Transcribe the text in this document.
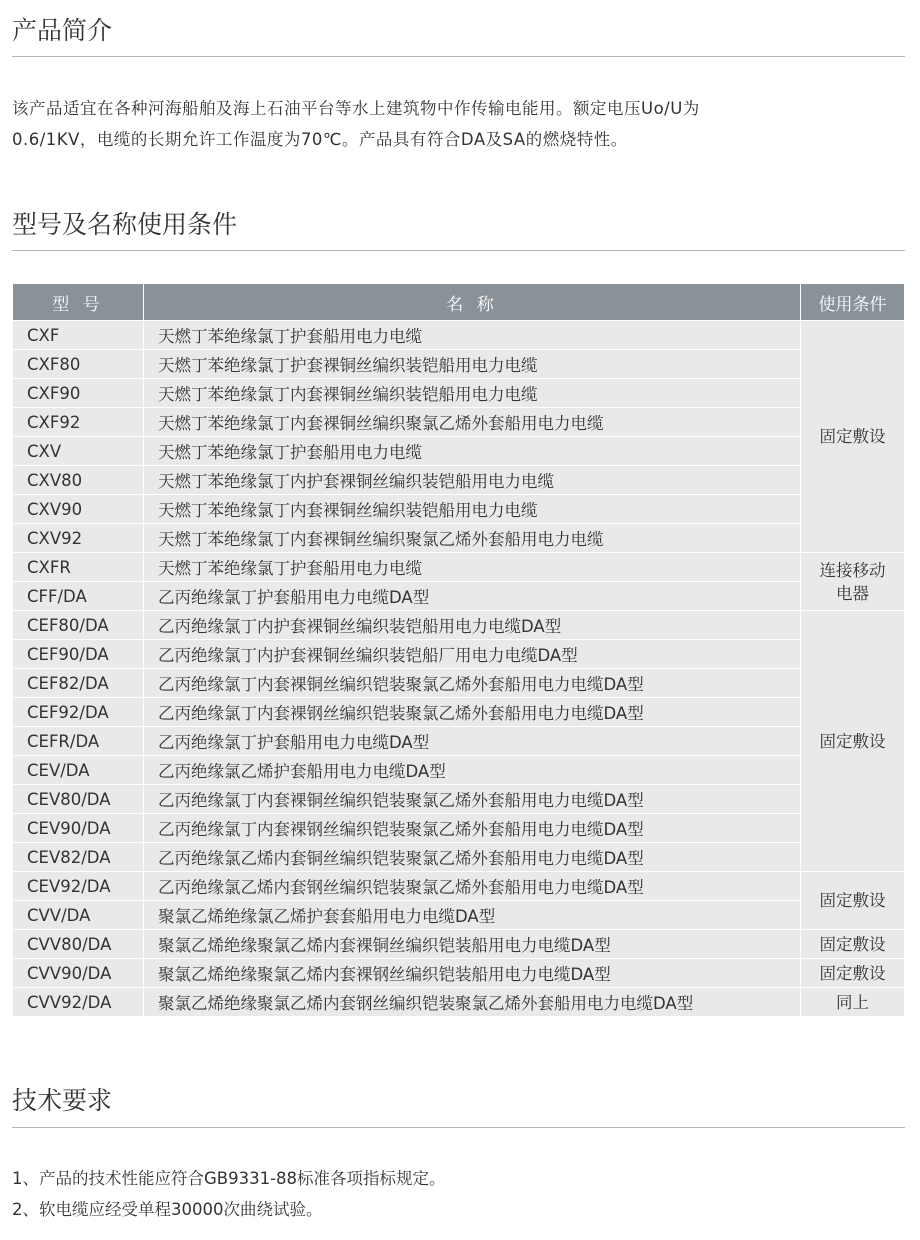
产品简介

该产品适宜在各种河海船舶及海上石油平台等水上建筑物中作传输电能用。额定电压Uo/U为

0.6/1KV，电缆的长期允许工作温度为70℃。产品具有符合DA及SA的燃烧特性。

型号及名称使用条件
型 号	名 称	使用条件
CXF	天燃丁苯绝缘氯丁护套船用电力电缆	固定敷设

CXF80	天燃丁苯绝缘氯丁护套裸铜丝编织装铠船用电力电缆	
CXF90	天燃丁苯绝缘氯丁内套裸铜丝编织装铠船用电力电缆	
CXF92	天燃丁苯绝缘氯丁内套裸铜丝编织聚氯乙烯外套船用电力电缆	
CXV	天燃丁苯绝缘氯丁护套船用电力电缆	
CXV80	天燃丁苯绝缘氯丁内护套裸铜丝编织装铠船用电力电缆	
CXV90	天燃丁苯绝缘氯丁内套裸铜丝编织装铠船用电力电缆	
CXV92	天燃丁苯绝缘氯丁内套裸铜丝编织聚氯乙烯外套船用电力电缆	
CXFR	天燃丁苯绝缘氯丁护套船用电力电缆	连接移动电器

CFF/DA	乙丙绝缘氯丁护套船用电力电缆DA型	
CEF80/DA	乙丙绝缘氯丁内护套裸铜丝编织装铠船用电力电缆DA型	固定敷设

CEF90/DA	乙丙绝缘氯丁内护套裸铜丝编织装铠船厂用电力电缆DA型	
CEF82/DA	乙丙绝缘氯丁内套裸铜丝编织铠装聚氯乙烯外套船用电力电缆DA型	
CEF92/DA	乙丙绝缘氯丁内套裸钢丝编织铠装聚氯乙烯外套船用电力电缆DA型	
CEFR/DA	乙丙绝缘氯丁护套船用电力电缆DA型	
CEV/DA	乙丙绝缘氯乙烯护套船用电力电缆DA型	
CEV80/DA	乙丙绝缘氯丁内套裸铜丝编织铠装聚氯乙烯外套船用电力电缆DA型	
CEV90/DA	乙丙绝缘氯丁内套裸钢丝编织铠装聚氯乙烯外套船用电力电缆DA型	
CEV82/DA	乙丙绝缘氯乙烯内套铜丝编织铠装聚氯乙烯外套船用电力电缆DA型	
CEV92/DA	乙丙绝缘氯乙烯内套钢丝编织铠装聚氯乙烯外套船用电力电缆DA型	固定敷设

CVV/DA	聚氯乙烯绝缘氯乙烯护套套船用电力电缆DA型	
CVV80/DA	聚氯乙烯绝缘聚氯乙烯内套裸铜丝编织铠装船用电力电缆DA型	固定敷设

CVV90/DA	聚氯乙烯绝缘聚氯乙烯内套裸钢丝编织铠装船用电力电缆DA型	固定敷设

CVV92/DA	聚氯乙烯绝缘聚氯乙烯内套钢丝编织铠装聚氯乙烯外套船用电力电缆DA型	同上
技术要求

1、产品的技术性能应符合GB9331-88标准各项指标规定。

2、软电缆应经受单程30000次曲绕试验。
